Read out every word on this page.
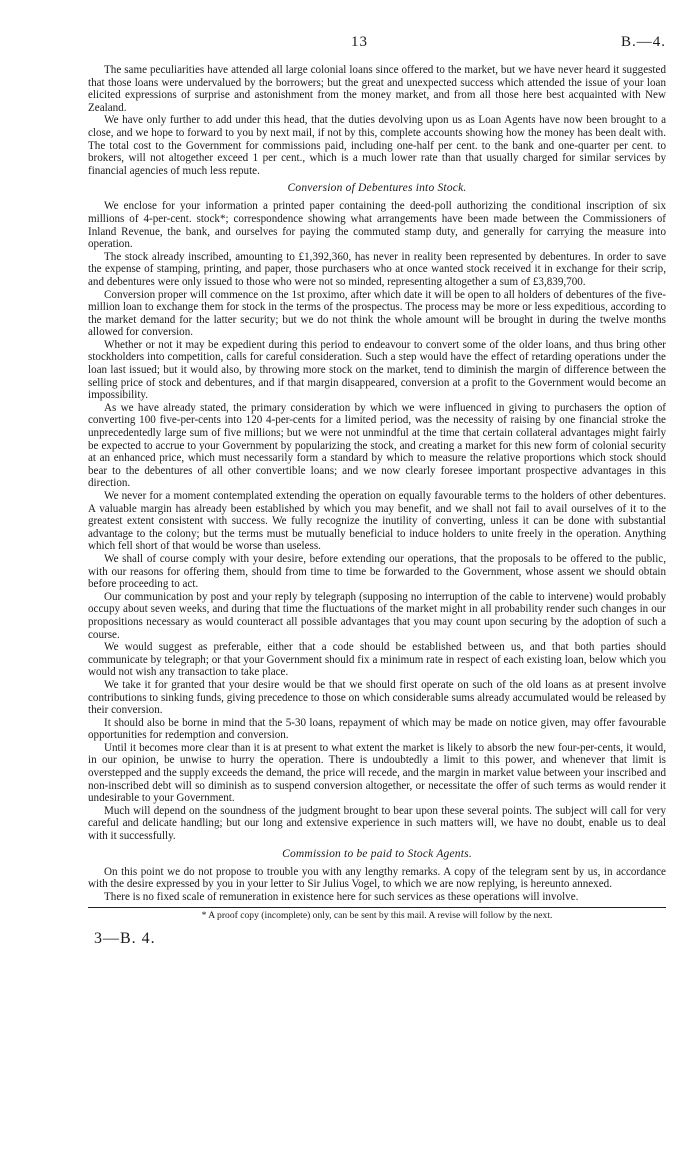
13	B.—4.

The same peculiarities have attended all large colonial loans since offered to the market, but we have never heard it suggested that those loans were undervalued by the borrowers; but the great and unexpected success which attended the issue of your loan elicited expressions of surprise and astonishment from the money market, and from all those here best acquainted with New Zealand.

We have only further to add under this head, that the duties devolving upon us as Loan Agents have now been brought to a close, and we hope to forward to you by next mail, if not by this, complete accounts showing how the money has been dealt with. The total cost to the Government for commissions paid, including one-half per cent. to the bank and one-quarter per cent. to brokers, will not altogether exceed 1 per cent., which is a much lower rate than that usually charged for similar services by financial agencies of much less repute.

Conversion of Debentures into Stock.

We enclose for your information a printed paper containing the deed-poll authorizing the conditional inscription of six millions of 4-per-cent. stock*; correspondence showing what arrangements have been made between the Commissioners of Inland Revenue, the bank, and ourselves for paying the commuted stamp duty, and generally for carrying the measure into operation.

The stock already inscribed, amounting to £1,392,360, has never in reality been represented by debentures. In order to save the expense of stamping, printing, and paper, those purchasers who at once wanted stock received it in exchange for their scrip, and debentures were only issued to those who were not so minded, representing altogether a sum of £3,839,700.

Conversion proper will commence on the 1st proximo, after which date it will be open to all holders of debentures of the five-million loan to exchange them for stock in the terms of the prospectus. The process may be more or less expeditious, according to the market demand for the latter security; but we do not think the whole amount will be brought in during the twelve months allowed for conversion.

Whether or not it may be expedient during this period to endeavour to convert some of the older loans, and thus bring other stockholders into competition, calls for careful consideration. Such a step would have the effect of retarding operations under the loan last issued; but it would also, by throwing more stock on the market, tend to diminish the margin of difference between the selling price of stock and debentures, and if that margin disappeared, conversion at a profit to the Government would become an impossibility.

As we have already stated, the primary consideration by which we were influenced in giving to purchasers the option of converting 100 five-per-cents into 120 4-per-cents for a limited period, was the necessity of raising by one financial stroke the unprecedentedly large sum of five millions; but we were not unmindful at the time that certain collateral advantages might fairly be expected to accrue to your Government by popularizing the stock, and creating a market for this new form of colonial security at an enhanced price, which must necessarily form a standard by which to measure the relative proportions which stock should bear to the debentures of all other convertible loans; and we now clearly foresee important prospective advantages in this direction.

We never for a moment contemplated extending the operation on equally favourable terms to the holders of other debentures. A valuable margin has already been established by which you may benefit, and we shall not fail to avail ourselves of it to the greatest extent consistent with success. We fully recognize the inutility of converting, unless it can be done with substantial advantage to the colony; but the terms must be mutually beneficial to induce holders to unite freely in the operation. Anything which fell short of that would be worse than useless.

We shall of course comply with your desire, before extending our operations, that the proposals to be offered to the public, with our reasons for offering them, should from time to time be forwarded to the Government, whose assent we should obtain before proceeding to act.

Our communication by post and your reply by telegraph (supposing no interruption of the cable to intervene) would probably occupy about seven weeks, and during that time the fluctuations of the market might in all probability render such changes in our propositions necessary as would counteract all possible advantages that you may count upon securing by the adoption of such a course.

We would suggest as preferable, either that a code should be established between us, and that both parties should communicate by telegraph; or that your Government should fix a minimum rate in respect of each existing loan, below which you would not wish any transaction to take place.

We take it for granted that your desire would be that we should first operate on such of the old loans as at present involve contributions to sinking funds, giving precedence to those on which considerable sums already accumulated would be released by their conversion.

It should also be borne in mind that the 5-30 loans, repayment of which may be made on notice given, may offer favourable opportunities for redemption and conversion.

Until it becomes more clear than it is at present to what extent the market is likely to absorb the new four-per-cents, it would, in our opinion, be unwise to hurry the operation. There is undoubtedly a limit to this power, and whenever that limit is overstepped and the supply exceeds the demand, the price will recede, and the margin in market value between your inscribed and non-inscribed debt will so diminish as to suspend conversion altogether, or necessitate the offer of such terms as would render it undesirable to your Government.

Much will depend on the soundness of the judgment brought to bear upon these several points. The subject will call for very careful and delicate handling; but our long and extensive experience in such matters will, we have no doubt, enable us to deal with it successfully.

Commission to be paid to Stock Agents.

On this point we do not propose to trouble you with any lengthy remarks. A copy of the telegram sent by us, in accordance with the desire expressed by you in your letter to Sir Julius Vogel, to which we are now replying, is hereunto annexed.

There is no fixed scale of remuneration in existence here for such services as these operations will involve.

* A proof copy (incomplete) only, can be sent by this mail. A revise will follow by the next.
3—B. 4.
